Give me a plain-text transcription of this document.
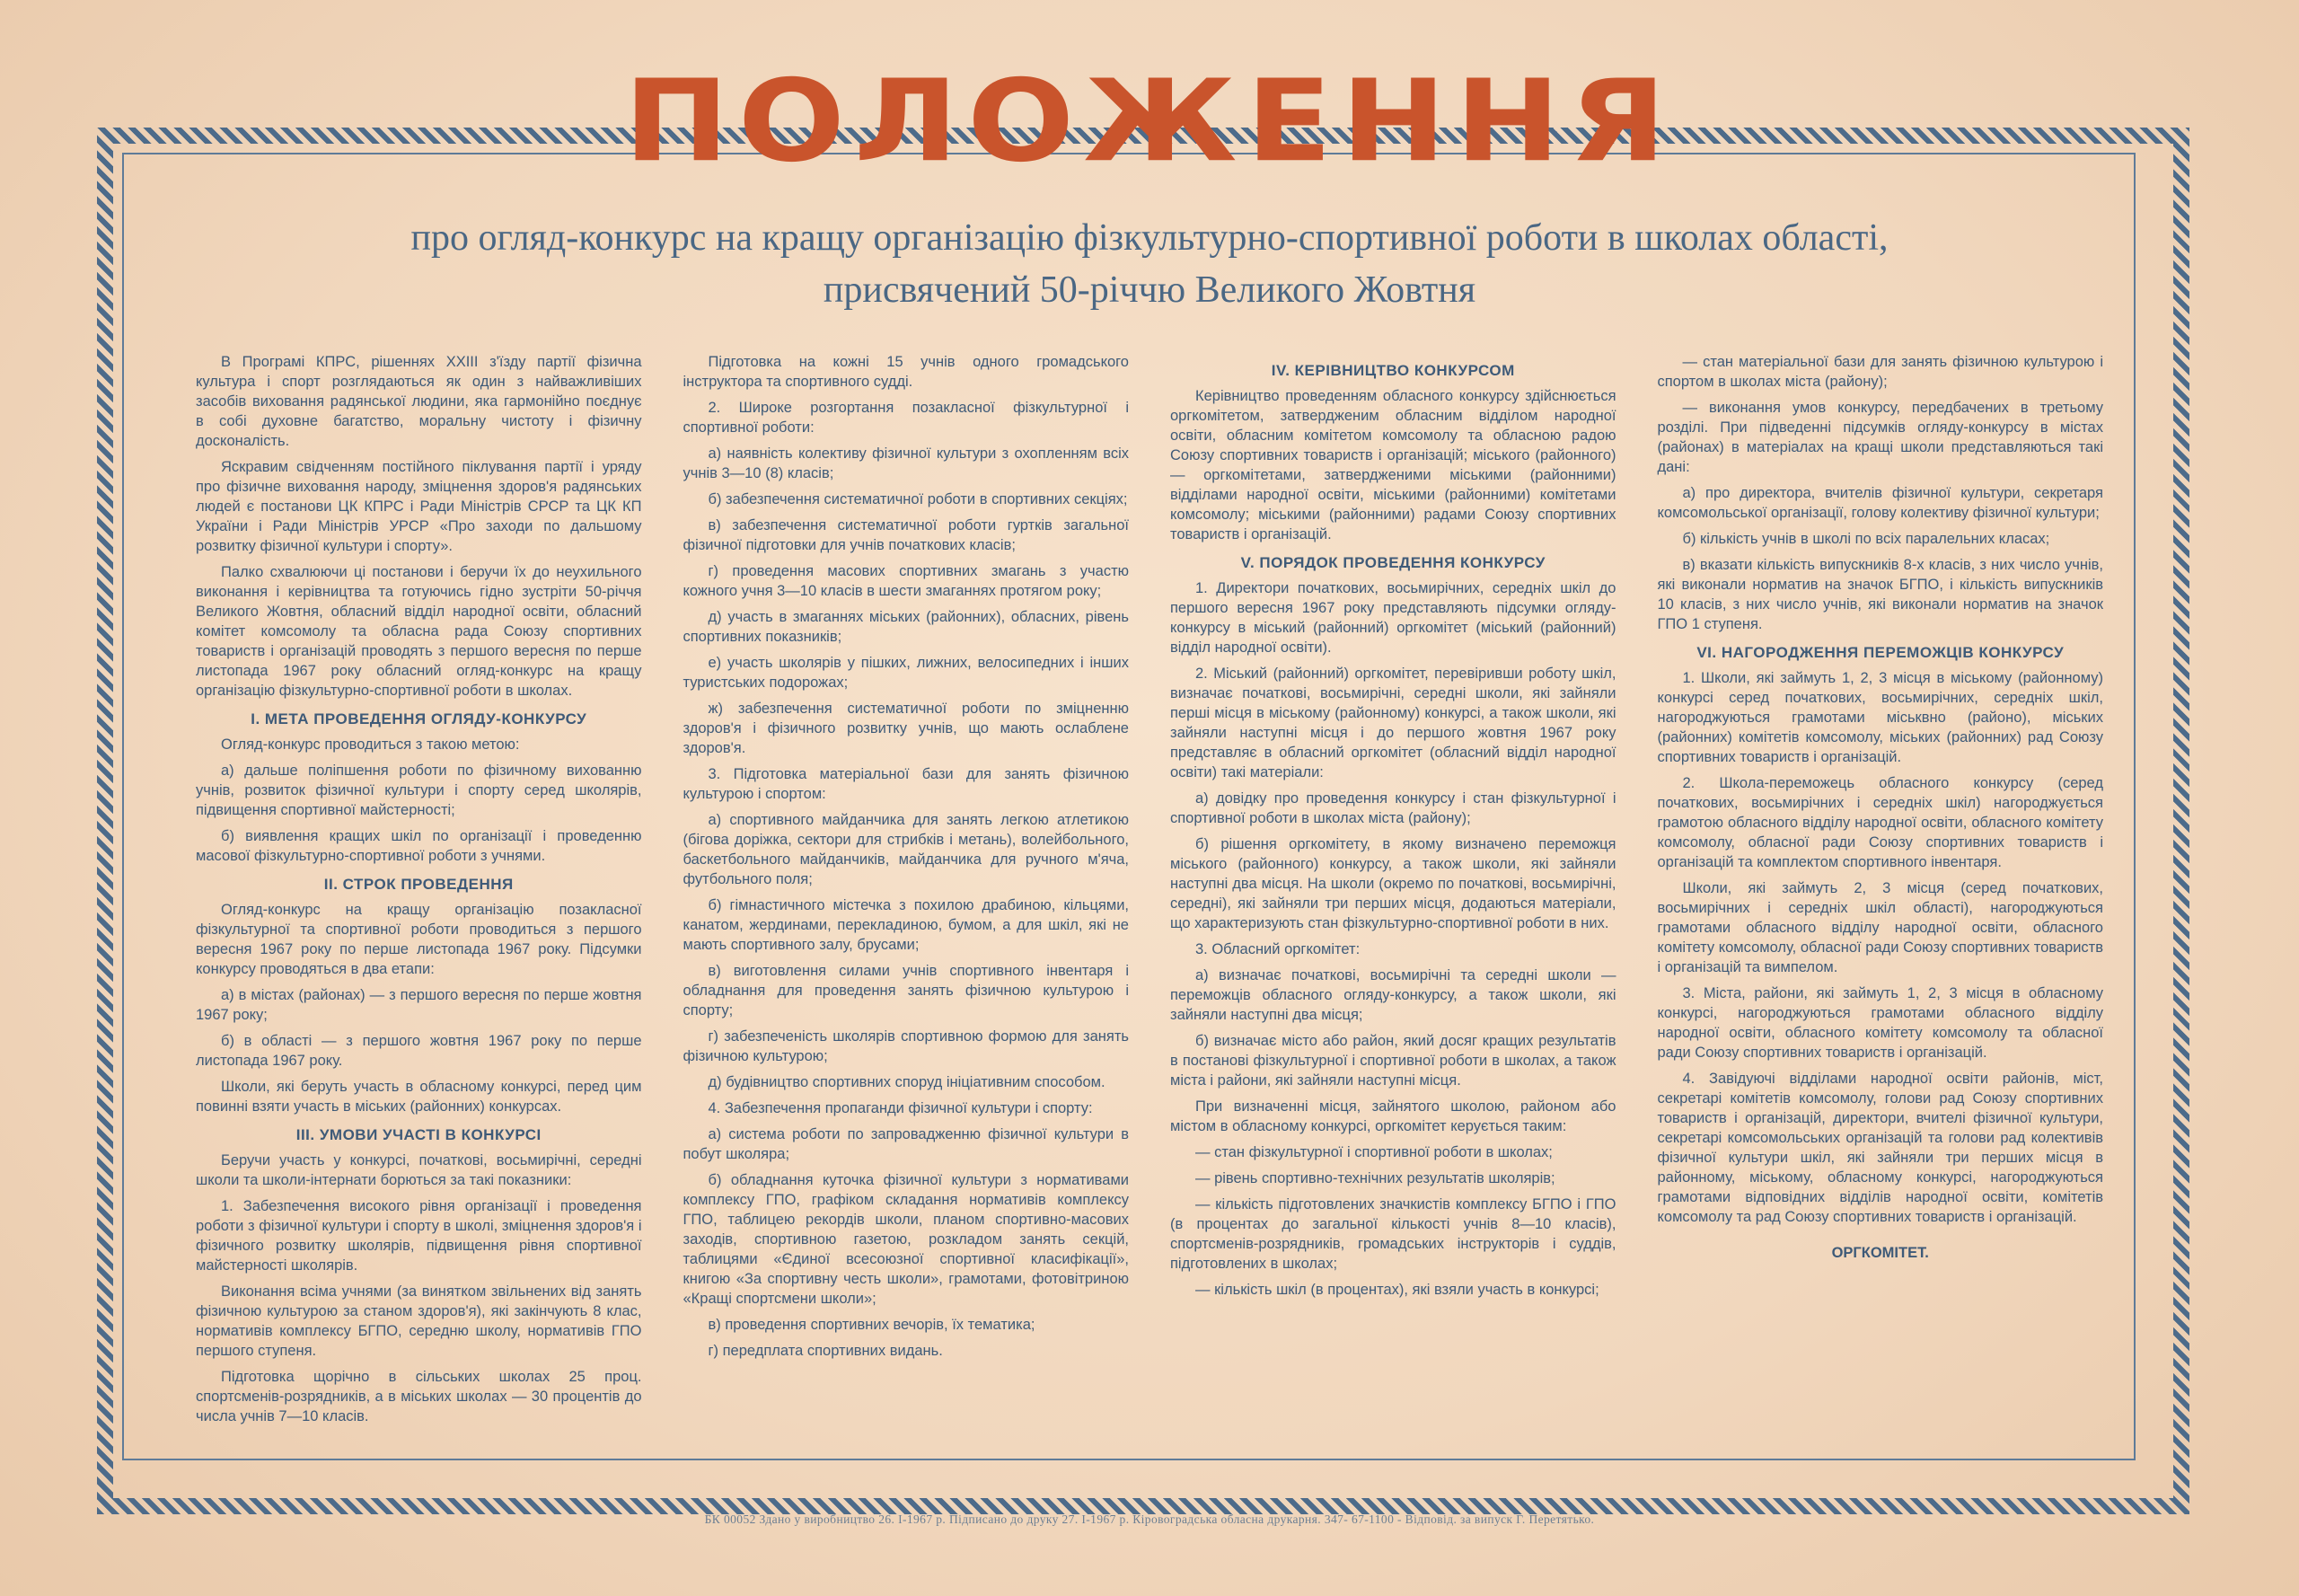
ПОЛОЖЕННЯ
про огляд-конкурс на кращу організацію фізкультурно-спортивної роботи в школах області,
присвячений 50-річчю Великого Жовтня

В Програмі КПРС, рішеннях XXIII з'їзду партії фізична культура і спорт розглядаються як один з найважливіших засобів виховання радянської людини, яка гармонійно поєднує в собі духовне багатство, моральну чистоту і фізичну досконалість.

Яскравим свідченням постійного піклування партії і уряду про фізичне виховання народу, зміцнення здоров'я радянських людей є постанови ЦК КПРС і Ради Міністрів СРСР та ЦК КП України і Ради Міністрів УРСР «Про заходи по дальшому розвитку фізичної культури і спорту».

Палко схвалюючи ці постанови і беручи їх до неухильного виконання і керівництва та готуючись гідно зустріти 50-річчя Великого Жовтня, обласний відділ народної освіти, обласний комітет комсомолу та обласна рада Союзу спортивних товариств і організацій проводять з першого вересня по перше листопада 1967 року обласний огляд-конкурс на кращу організацію фізкультурно-спортивної роботи в школах.

І. МЕТА ПРОВЕДЕННЯ ОГЛЯДУ-КОНКУРСУ

Огляд-конкурс проводиться з такою метою:

а) дальше поліпшення роботи по фізичному вихованню учнів, розвиток фізичної культури і спорту серед школярів, підвищення спортивної майстерності;

б) виявлення кращих шкіл по організації і проведенню масової фізкультурно-спортивної роботи з учнями.

ІІ. СТРОК ПРОВЕДЕННЯ

Огляд-конкурс на кращу організацію позакласної фізкультурної та спортивної роботи проводиться з першого вересня 1967 року по перше листопада 1967 року. Підсумки конкурсу проводяться в два етапи:

а) в містах (районах) — з першого вересня по перше жовтня 1967 року;

б) в області — з першого жовтня 1967 року по перше листопада 1967 року.

Школи, які беруть участь в обласному конкурсі, перед цим повинні взяти участь в міських (районних) конкурсах.

ІІІ. УМОВИ УЧАСТІ В КОНКУРСІ

Беручи участь у конкурсі, початкові, восьмирічні, середні школи та школи-інтернати борються за такі показники:

1. Забезпечення високого рівня організації і проведення роботи з фізичної культури і спорту в школі, зміцнення здоров'я і фізичного розвитку школярів, підвищення рівня спортивної майстерності школярів.

Виконання всіма учнями (за винятком звільнених від занять фізичною культурою за станом здоров'я), які закінчують 8 клас, нормативів комплексу БГПО, середню школу, нормативів ГПО першого ступеня.

Підготовка щорічно в сільських школах 25 проц. спортсменів-розрядників, а в міських школах — 30 процентів до числа учнів 7—10 класів.

Підготовка на кожні 15 учнів одного громадського інструктора та спортивного судді.

2. Широке розгортання позакласної фізкультурної і спортивної роботи:

а) наявність колективу фізичної культури з охопленням всіх учнів 3—10 (8) класів;

б) забезпечення систематичної роботи в спортивних секціях;

в) забезпечення систематичної роботи гуртків загальної фізичної підготовки для учнів початкових класів;

г) проведення масових спортивних змагань з участю кожного учня 3—10 класів в шести змаганнях протягом року;

д) участь в змаганнях міських (районних), обласних, рівень спортивних показників;

е) участь школярів у пішких, лижних, велосипедних і інших туристських подорожах;

ж) забезпечення систематичної роботи по зміцненню здоров'я і фізичного розвитку учнів, що мають ослаблене здоров'я.

3. Підготовка матеріальної бази для занять фізичною культурою і спортом:

а) спортивного майданчика для занять легкою атлетикою (бігова доріжка, сектори для стрибків і метань), волейбольного, баскетбольного майданчиків, майданчика для ручного м'яча, футбольного поля;

б) гімнастичного містечка з похилою драбиною, кільцями, канатом, жердинами, перекладиною, бумом, а для шкіл, які не мають спортивного залу, брусами;

в) виготовлення силами учнів спортивного інвентаря і обладнання для проведення занять фізичною культурою і спорту;

г) забезпеченість школярів спортивною формою для занять фізичною культурою;

д) будівництво спортивних споруд ініціативним способом.

4. Забезпечення пропаганди фізичної культури і спорту:

а) система роботи по запровадженню фізичної культури в побут школяра;

б) обладнання куточка фізичної культури з нормативами комплексу ГПО, графіком складання нормативів комплексу ГПО, таблицею рекордів школи, планом спортивно-масових заходів, спортивною газетою, розкладом занять секцій, таблицями «Єдиної всесоюзної спортивної класифікації», книгою «За спортивну честь школи», грамотами, фотовітриною «Кращі спортсмени школи»;

в) проведення спортивних вечорів, їх тематика;

г) передплата спортивних видань.

IV. КЕРІВНИЦТВО КОНКУРСОМ

Керівництво проведенням обласного конкурсу здійснюється оргкомітетом, затвердженим обласним відділом народної освіти, обласним комітетом комсомолу та обласною радою Союзу спортивних товариств і організацій; міського (районного) — оргкомітетами, затвердженими міськими (районними) відділами народної освіти, міськими (районними) комітетами комсомолу; міськими (районними) радами Союзу спортивних товариств і організацій.

V. ПОРЯДОК ПРОВЕДЕННЯ КОНКУРСУ

1. Директори початкових, восьмирічних, середніх шкіл до першого вересня 1967 року представляють підсумки огляду-конкурсу в міський (районний) оргкомітет (міський (районний) відділ народної освіти).

2. Міський (районний) оргкомітет, перевіривши роботу шкіл, визначає початкові, восьмирічні, середні школи, які зайняли перші місця в міському (районному) конкурсі, а також школи, які зайняли наступні місця і до першого жовтня 1967 року представляє в обласний оргкомітет (обласний відділ народної освіти) такі матеріали:

а) довідку про проведення конкурсу і стан фізкультурної і спортивної роботи в школах міста (району);

б) рішення оргкомітету, в якому визначено переможця міського (районного) конкурсу, а також школи, які зайняли наступні два місця. На школи (окремо по початкові, восьмирічні, середні), які зайняли три перших місця, додаються матеріали, що характеризують стан фізкультурно-спортивної роботи в них.

3. Обласний оргкомітет:

а) визначає початкові, восьмирічні та середні школи — переможців обласного огляду-конкурсу, а також школи, які зайняли наступні два місця;

б) визначає місто або район, який досяг кращих результатів в постанові фізкультурної і спортивної роботи в школах, а також міста і райони, які зайняли наступні місця.

При визначенні місця, зайнятого школою, районом або містом в обласному конкурсі, оргкомітет керується таким:

— стан фізкультурної і спортивної роботи в школах;

— рівень спортивно-технічних результатів школярів;

— кількість підготовлених значкистів комплексу БГПО і ГПО (в процентах до загальної кількості учнів 8—10 класів), спортсменів-розрядників, громадських інструкторів і суддів, підготовлених в школах;

— кількість шкіл (в процентах), які взяли участь в конкурсі;

— стан матеріальної бази для занять фізичною культурою і спортом в школах міста (району);

— виконання умов конкурсу, передбачених в третьому розділі. При підведенні підсумків огляду-конкурсу в містах (районах) в матеріалах на кращі школи представляються такі дані:

а) про директора, вчителів фізичної культури, секретаря комсомольської організації, голову колективу фізичної культури;

б) кількість учнів в школі по всіх паралельних класах;

в) вказати кількість випускників 8-х класів, з них число учнів, які виконали норматив на значок БГПО, і кількість випускників 10 класів, з них число учнів, які виконали норматив на значок ГПО 1 ступеня.

VI. НАГОРОДЖЕННЯ ПЕРЕМОЖЦІВ КОНКУРСУ

1. Школи, які займуть 1, 2, 3 місця в міському (районному) конкурсі серед початкових, восьмирічних, середніх шкіл, нагороджуються грамотами міськвно (районо), міських (районних) комітетів комсомолу, міських (районних) рад Союзу спортивних товариств і організацій.

2. Школа-переможець обласного конкурсу (серед початкових, восьмирічних і середніх шкіл) нагороджується грамотою обласного відділу народної освіти, обласного комітету комсомолу, обласної ради Союзу спортивних товариств і організацій та комплектом спортивного інвентаря.

Школи, які займуть 2, 3 місця (серед початкових, восьмирічних і середніх шкіл області), нагороджуються грамотами обласного відділу народної освіти, обласного комітету комсомолу, обласної ради Союзу спортивних товариств і організацій та вимпелом.

3. Міста, райони, які займуть 1, 2, 3 місця в обласному конкурсі, нагороджуються грамотами обласного відділу народної освіти, обласного комітету комсомолу та обласної ради Союзу спортивних товариств і організацій.

4. Завідуючі відділами народної освіти районів, міст, секретарі комітетів комсомолу, голови рад Союзу спортивних товариств і організацій, директори, вчителі фізичної культури, секретарі комсомольських організацій та голови рад колективів фізичної культури шкіл, які зайняли три перших місця в районному, міському, обласному конкурсі, нагороджуються грамотами відповідних відділів народної освіти, комітетів комсомолу та рад Союзу спортивних товариств і організацій.

ОРГКОМІТЕТ.
БК 00052 Здано у виробництво 26. І-1967 р. Підписано до друку 27. І-1967 р. Кіровоградська обласна друкарня. 347- 67-1100 - Відповід. за випуск Г. Перетятько.
